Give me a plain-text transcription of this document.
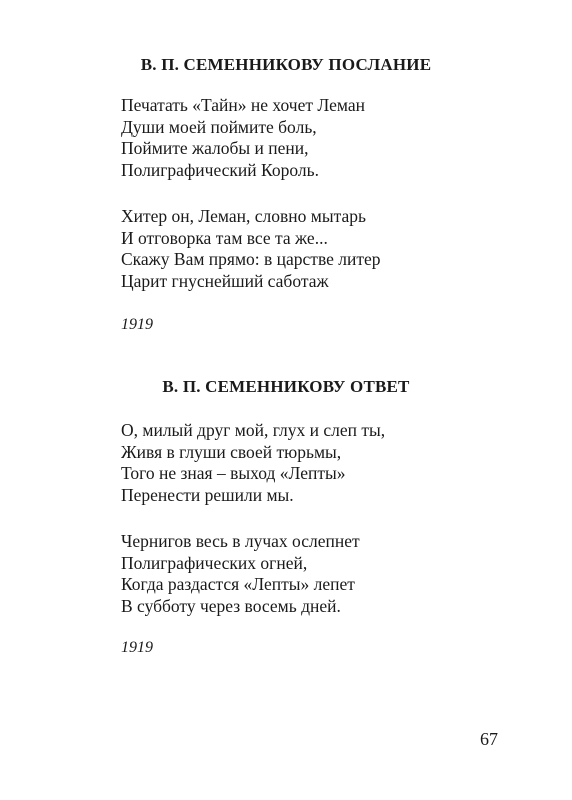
В. П. СЕМЕННИКОВУ ПОСЛАНИЕ
Печатать «Тайн» не хочет Леман
Души моей поймите боль,
Поймите жалобы и пени,
Полиграфический Король.
Хитер он, Леман, словно мытарь
И отговорка там все та же...
Скажу Вам прямо: в царстве литер
Царит гнуснейший саботаж
1919
В. П. СЕМЕННИКОВУ ОТВЕТ
О, милый друг мой, глух и слеп ты,
Живя в глуши своей тюрьмы,
Того не зная – выход «Лепты»
Перенести решили мы.
Чернигов весь в лучах ослепнет
Полиграфических огней,
Когда раздастся «Лепты» лепет
В субботу через восемь дней.
1919
67
